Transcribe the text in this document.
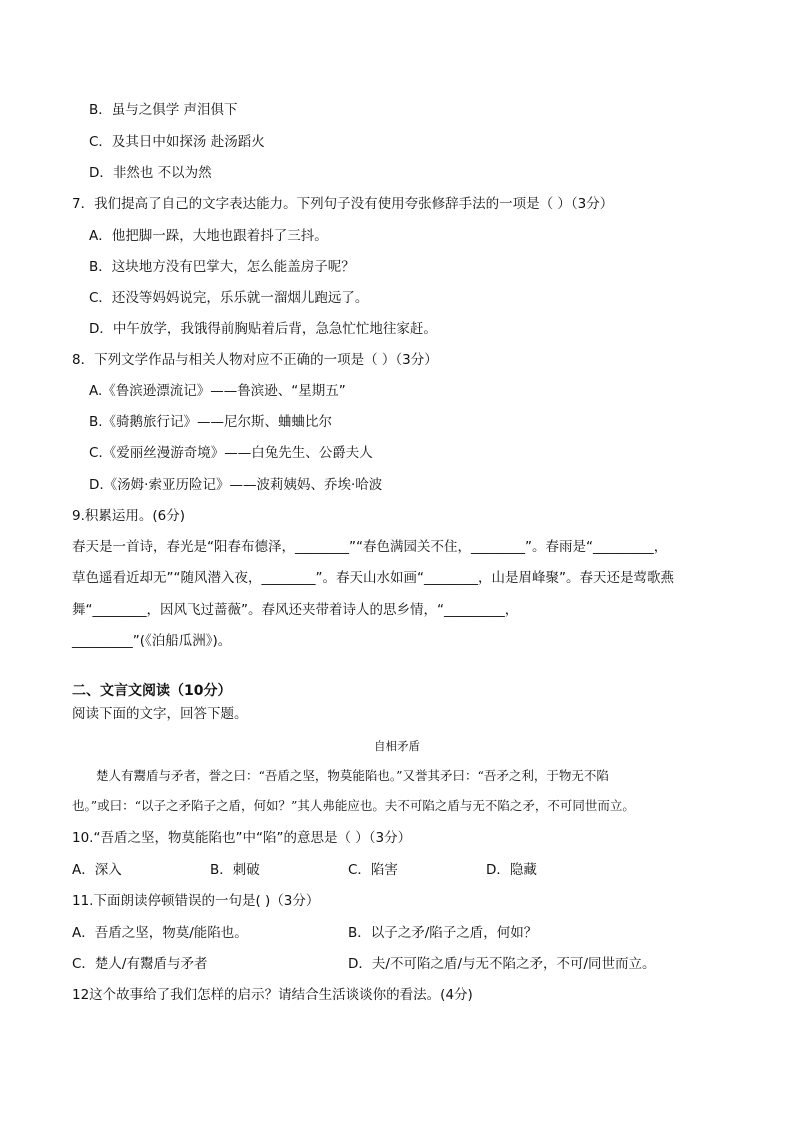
B．虽与之俱学 声泪俱下
C．及其日中如探汤 赴汤蹈火
D．非然也 不以为然
7．我们提高了自己的文字表达能力。下列句子没有使用夸张修辞手法的一项是（ ）（3分）
A．他把脚一跺，大地也跟着抖了三抖。
B．这块地方没有巴掌大，怎么能盖房子呢？
C．还没等妈妈说完，乐乐就一溜烟儿跑远了。
D．中午放学，我饿得前胸贴着后背，急急忙忙地往家赶。
8．下列文学作品与相关人物对应不正确的一项是（ ）（3分）
A.《鲁滨逊漂流记》——鲁滨逊、“星期五”
B.《骑鹅旅行记》——尼尔斯、蛐蛐比尔
C.《爱丽丝漫游奇境》——白兔先生、公爵夫人
D.《汤姆·索亚历险记》——波莉姨妈、乔埃·哈波
9.积累运用。(6分)
春天是一首诗，春光是“阳春布德泽，________”“春色满园关不住，________”。春雨是“_________，
草色遥看近却无”“随风潜入夜，________”。春天山水如画“________，山是眉峰聚”。春天还是莺歌燕
舞“________，因风飞过蔷薇”。春风还夹带着诗人的思乡情，“_________，
_________”(《泊船瓜洲》)。
二、文言文阅读（10分）
阅读下面的文字，回答下题。
自相矛盾
楚人有鬻盾与矛者，誉之曰：“吾盾之坚，物莫能陷也。”又誉其矛曰：“吾矛之利，于物无不陷
也。”或曰：“以子之矛陷子之盾，何如？”其人弗能应也。夫不可陷之盾与无不陷之矛，不可同世而立。
10.“吾盾之坚，物莫能陷也”中“陷”的意思是（ ）（3分）
A．深入	B．刺破	C．陷害	D．隐藏
11.下面朗读停顿错误的一句是( )（3分）
A．吾盾之坚，物莫/能陷也。	B．以子之矛/陷子之盾，何如？
C．楚人/有鬻盾与矛者	D．夫/不可陷之盾/与无不陷之矛，不可/同世而立。
12这个故事给了我们怎样的启示？请结合生活谈谈你的看法。(4分)
